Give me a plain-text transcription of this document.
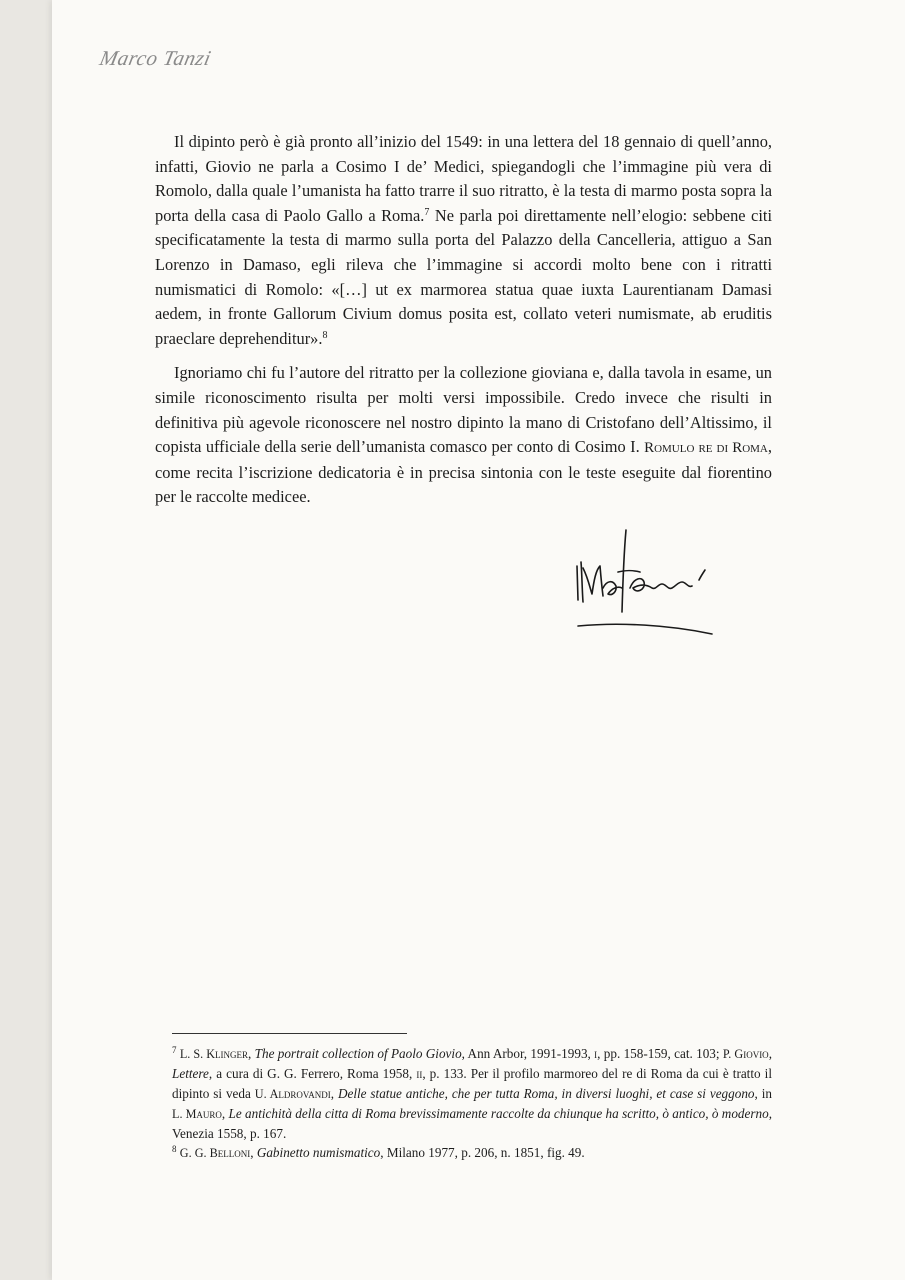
Marco Tanzi

Il dipinto però è già pronto all’inizio del 1549: in una lettera del 18 gennaio di quell’anno, infatti, Giovio ne parla a Cosimo I de’ Medici, spiegandogli che l’immagine più vera di Romolo, dalla quale l’umanista ha fatto trarre il suo ritratto, è la testa di marmo posta sopra la porta della casa di Paolo Gallo a Roma.$^7$ Ne parla poi direttamente nell’elogio: sebbene citi specificatamente la testa di marmo sulla porta del Palazzo della Cancelleria, attiguo a San Lorenzo in Damaso, egli rileva che l’immagine si accordi molto bene con i ritratti numismatici di Romolo: «[…] ut ex marmorea statua quae iuxta Laurentianam Damasi aedem, in fronte Gallorum Civium domus posita est, collato veteri numismate, ab eruditis praeclare deprehenditur».$^8$

Ignoriamo chi fu l’autore del ritratto per la collezione gioviana e, dalla tavola in esame, un simile riconoscimento risulta per molti versi impossibile. Credo invece che risulti in definitiva più agevole riconoscere nel nostro dipinto la mano di Cristofano dell’Altissimo, il copista ufficiale della serie dell’umanista comasco per conto di Cosimo I. Romulo re di Roma, come recita l’iscrizione dedicatoria è in precisa sintonia con le teste eseguite dal fiorentino per le raccolte medicee.

$^7$ L. S. Klinger, The portrait collection of Paolo Giovio, Ann Arbor, 1991-1993, i, pp. 158-159, cat. 103; P. Giovio, Lettere, a cura di G. G. Ferrero, Roma 1958, ii, p. 133. Per il profilo marmoreo del re di Roma da cui è tratto il dipinto si veda U. Aldrovandi, Delle statue antiche, che per tutta Roma, in diversi luoghi, et case si veggono, in L. Mauro, Le antichità della citta di Roma brevissimamente raccolte da chiunque ha scritto, ò antico, ò moderno, Venezia 1558, p. 167.

$^8$ G. G. Belloni, Gabinetto numismatico, Milano 1977, p. 206, n. 1851, fig. 49.
